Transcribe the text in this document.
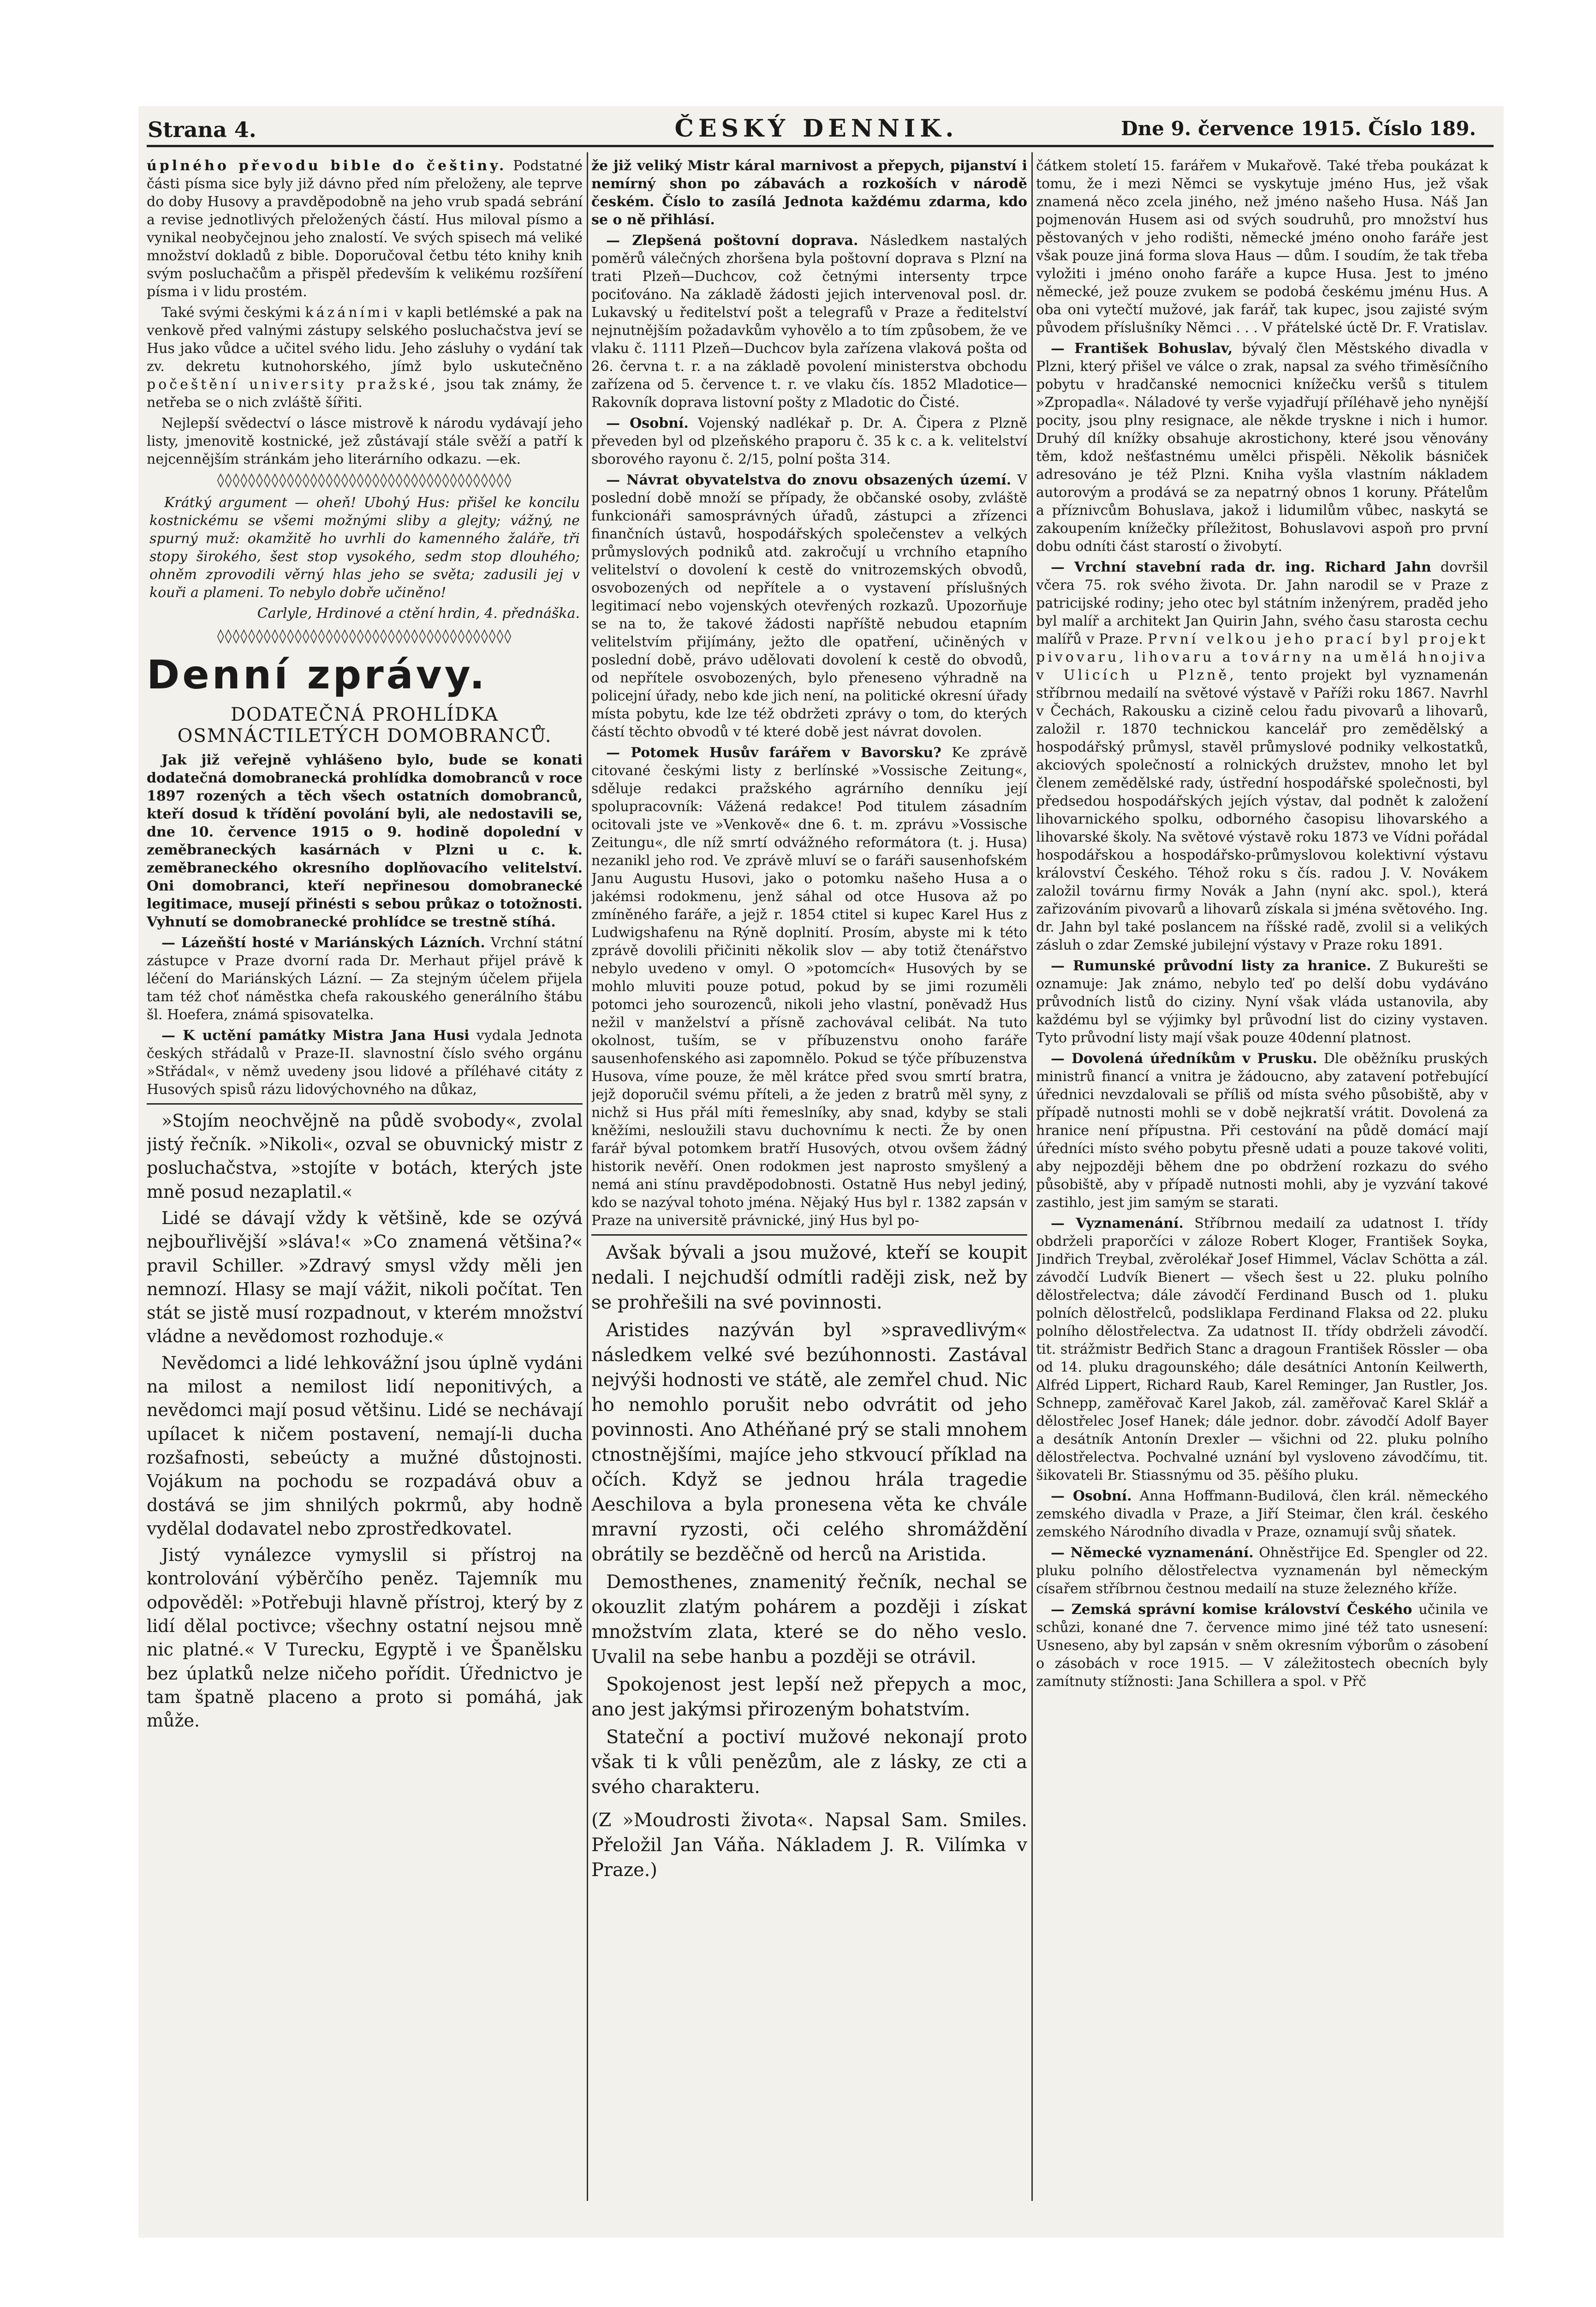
Strana 4.	ČESKÝ DENNIK.	Dne 9. července 1915. Číslo 189.

úplného převodu bible do češtiny. Podstatné části písma sice byly již dávno před ním přeloženy, ale teprve do doby Husovy a pravděpodobně na jeho vrub spadá sebrání a revise jednotlivých přeložených částí. Hus miloval písmo a vynikal neobyčejnou jeho znalostí. Ve svých spisech má veliké množství dokladů z bible. Doporučoval četbu této knihy knih svým posluchačům a přispěl především k velikému rozšíření písma i v lidu prostém.

Také svými českými kázáními v kapli betlémské a pak na venkově před valnými zástupy selského posluchačstva jeví se Hus jako vůdce a učitel svého lidu. Jeho zásluhy o vydání tak zv. dekretu kutnohorského, jímž bylo uskutečněno počeštění university pražské, jsou tak známy, že netřeba se o nich zvláště šířiti.

Nejlepší svědectví o lásce mistrově k národu vydávají jeho listy, jmenovitě kostnické, jež zůstávají stále svěží a patří k nejcennějším stránkám jeho literárního odkazu. —ek.

◊◊◊◊◊◊◊◊◊◊◊◊◊◊◊◊◊◊◊◊◊◊◊◊◊◊◊◊◊◊◊◊◊◊◊◊◊◊

Krátký argument — oheň! Ubohý Hus: přišel ke koncilu kostnickému se všemi možnými sliby a glejty; vážný, ne spurný muž: okamžitě ho uvrhli do kamenného žaláře, tři stopy širokého, šest stop vysokého, sedm stop dlouhého; ohněm zprovodili věrný hlas jeho se světa; zadusili jej v kouři a plameni. To nebylo dobře učiněno!

Carlyle, Hrdinové a ctění hrdin, 4. přednáška.
◊◊◊◊◊◊◊◊◊◊◊◊◊◊◊◊◊◊◊◊◊◊◊◊◊◊◊◊◊◊◊◊◊◊◊◊◊◊
Denní zprávy.
DODATEČNÁ PROHLÍDKA OSMNÁCTILETÝCH DOMOBRANCŮ.

Jak již veřejně vyhlášeno bylo, bude se konati dodatečná domobranecká prohlídka domobranců v roce 1897 rozených a těch všech ostatních domobranců, kteří dosud k třídění povolání byli, ale nedostavili se, dne 10. července 1915 o 9. hodině dopolední v zeměbraneckých kasárnách v Plzni u c. k. zeměbraneckého okresního doplňovacího velitelství. Oni domobranci, kteří nepřinesou domobranecké legitimace, musejí přinésti s sebou průkaz o totožnosti. Vyhnutí se domobranecké prohlídce se trestně stíhá.

— Lázeňští hosté v Mariánských Lázních. Vrchní státní zástupce v Praze dvorní rada Dr. Merhaut přijel právě k léčení do Mariánských Lázní. — Za stejným účelem přijela tam též choť náměstka chefa rakouského generálního štábu šl. Hoefera, známá spisovatelka.

— K uctění památky Mistra Jana Husi vydala Jednota českých střádalů v Praze-II. slavnostní číslo svého orgánu »Střádal«, v němž uvedeny jsou lidové a příléhavé citáty z Husových spisů rázu lidovýchovného na důkaz,

»Stojím neochvějně na půdě svobody«, zvolal jistý řečník. »Nikoli«, ozval se obuvnický mistr z posluchačstva, »stojíte v botách, kterých jste mně posud nezaplatil.«

Lidé se dávají vždy k většině, kde se ozývá nejbouřlivější »sláva!« »Co znamená většina?« pravil Schiller. »Zdravý smysl vždy měli jen nemnozí. Hlasy se mají vážit, nikoli počítat. Ten stát se jistě musí rozpadnout, v kterém množství vládne a nevědomost rozhoduje.«

Nevědomci a lidé lehkovážní jsou úplně vydáni na milost a nemilost lidí neponitivých, a nevědomci mají posud většinu. Lidé se nechávají upílacet k ničem postavení, nemají-li ducha rozšafnosti, sebeúcty a mužné důstojnosti. Vojákum na pochodu se rozpadává obuv a dostává se jim shnilých pokrmů, aby hodně vydělal dodavatel nebo zprostředkovatel.

Jistý vynálezce vymyslil si přístroj na kontrolování výběrčího peněz. Tajemník mu odpověděl: »Potřebuji hlavně přístroj, který by z lidí dělal poctivce; všechny ostatní nejsou mně nic platné.« V Turecku, Egyptě i ve Španělsku bez úplatků nelze ničeho pořídit. Úřednictvo je tam špatně placeno a proto si pomáhá, jak může.

že již veliký Mistr káral marnivost a přepych, pijanství i nemírný shon po zábavách a rozkoších v národě českém. Číslo to zasílá Jednota každému zdarma, kdo se o ně přihlásí.

— Zlepšená poštovní doprava. Následkem nastalých poměrů válečných zhoršena byla poštovní doprava s Plzní na trati Plzeň—Duchcov, což četnými intersenty trpce pociťováno. Na základě žádosti jejich intervenoval posl. dr. Lukavský u ředitelství pošt a telegrafů v Praze a ředitelství nejnutnějším požadavkům vyhovělo a to tím způsobem, že ve vlaku č. 1111 Plzeň—Duchcov byla zařízena vlaková pošta od 26. června t. r. a na základě povolení ministerstva obchodu zařízena od 5. července t. r. ve vlaku čís. 1852 Mladotice—Rakovník doprava listovní pošty z Mladotic do Čisté.

— Osobní. Vojenský nadlékař p. Dr. A. Čipera z Plzně převeden byl od plzeňského praporu č. 35 k c. a k. velitelství sborového rayonu č. 2/15, polní pošta 314.

— Návrat obyvatelstva do znovu obsazených území. V poslední době množí se případy, že občanské osoby, zvláště funkcionáři samosprávných úřadů, zástupci a zřízenci finančních ústavů, hospodářských společenstev a velkých průmyslových podniků atd. zakročují u vrchního etapního velitelství o dovolení k cestě do vnitrozemských obvodů, osvobozených od nepřítele a o vystavení příslušných legitimací nebo vojenských otevřených rozkazů. Upozorňuje se na to, že takové žádosti napříště nebudou etapním velitelstvím přijímány, ježto dle opatření, učiněných v poslední době, právo udělovati dovolení k cestě do obvodů, od nepřítele osvobozených, bylo přeneseno výhradně na policejní úřady, nebo kde jich není, na politické okresní úřady místa pobytu, kde lze též obdržeti zprávy o tom, do kterých částí těchto obvodů v té které době jest návrat dovolen.

— Potomek Husův farářem v Bavorsku? Ke zprávě citované českými listy z berlínské »Vossische Zeitung«, sděluje redakci pražského agrárního denníku její spolupracovník: Vážená redakce! Pod titulem zásadním ocitovali jste ve »Venkově« dne 6. t. m. zprávu »Vossische Zeitungu«, dle níž smrtí odvážného reformátora (t. j. Husa) nezanikl jeho rod. Ve zprávě mluví se o faráři sausenhofském Janu Augustu Husovi, jako o potomku našeho Husa a o jakémsi rodokmenu, jenž sáhal od otce Husova až po zmíněného faráře, a jejž r. 1854 ctitel si kupec Karel Hus z Ludwigshafenu na Rýně doplnití. Prosím, abyste mi k této zprávě dovolili přičiniti několik slov — aby totiž čtenářstvo nebylo uvedeno v omyl. O »potomcích« Husových by se mohlo mluviti pouze potud, pokud by se jimi rozuměli potomci jeho sourozenců, nikoli jeho vlastní, poněvadž Hus nežil v manželství a přísně zachovával celibát. Na tuto okolnost, tuším, se v příbuzenstvu onoho faráře sausenhofenského asi zapomnělo. Pokud se týče příbuzenstva Husova, víme pouze, že měl krátce před svou smrtí bratra, jejž doporučil svému příteli, a že jeden z bratrů měl syny, z nichž si Hus přál míti řemeslníky, aby snad, kdyby se stali kněžími, nesloužili stavu duchovnímu k necti. Že by onen farář býval potomkem bratří Husových, otvou ovšem žádný historik nevěří. Onen rodokmen jest naprosto smyšlený a nemá ani stínu pravděpodobnosti. Ostatně Hus nebyl jediný, kdo se nazýval tohoto jména. Nějaký Hus byl r. 1382 zapsán v Praze na universitě právnické, jiný Hus byl po-

Avšak bývali a jsou mužové, kteří se koupit nedali. I nejchudší odmítli raději zisk, než by se prohřešili na své povinnosti.

Aristides nazýván byl »spravedlivým« následkem velké své bezúhonnosti. Zastával nejvýši hodnosti ve státě, ale zemřel chud. Nic ho nemohlo porušit nebo odvrátit od jeho povinnosti. Ano Athéňané prý se stali mnohem ctnostnějšími, majíce jeho stkvoucí příklad na očích. Když se jednou hrála tragedie Aeschilova a byla pronesena věta ke chvále mravní ryzosti, oči celého shromáždění obrátily se bezděčně od herců na Aristida.

Demosthenes, znamenitý řečník, nechal se okouzlit zlatým pohárem a později i získat množstvím zlata, které se do něho veslo. Uvalil na sebe hanbu a později se otrávil.

Spokojenost jest lepší než přepych a moc, ano jest jakýmsi přirozeným bohatstvím.

Stateční a poctiví mužové nekonají proto však ti k vůli penězům, ale z lásky, ze cti a svého charakteru.

(Z »Moudrosti života«. Napsal Sam. Smiles. Přeložil Jan Váňa. Nákladem J. R. Vilímka v Praze.)

čátkem století 15. farářem v Mukařově. Také třeba poukázat k tomu, že i mezi Němci se vyskytuje jméno Hus, jež však znamená něco zcela jiného, než jméno našeho Husa. Náš Jan pojmenován Husem asi od svých soudruhů, pro množství hus pěstovaných v jeho rodišti, německé jméno onoho faráře jest však pouze jiná forma slova Haus — dům. I soudím, že tak třeba vyložiti i jméno onoho faráře a kupce Husa. Jest to jméno německé, jež pouze zvukem se podobá českému jménu Hus. A oba oni vytečtí mužové, jak farář, tak kupec, jsou zajisté svým původem příslušníky Němci . . . V přátelské úctě Dr. F. Vratislav.

— František Bohuslav, bývalý člen Městského divadla v Plzni, který přišel ve válce o zrak, napsal za svého třiměsíčního pobytu v hradčanské nemocnici knížečku veršů s titulem »Zpropadla«. Náladové ty verše vyjadřují příléhavě jeho nynější pocity, jsou plny resignace, ale někde tryskne i nich i humor. Druhý díl knížky obsahuje akrostichony, které jsou věnovány těm, kdož nešťastnému umělci přispěli. Několik básniček adresováno je též Plzni. Kniha vyšla vlastním nákladem autorovým a prodává se za nepatrný obnos 1 koruny. Přátelům a příznivcům Bohuslava, jakož i lidumilům vůbec, naskytá se zakoupením knížečky příležitost, Bohuslavovi aspoň pro první dobu odníti část starostí o živobytí.

— Vrchní stavební rada dr. ing. Richard Jahn dovršil včera 75. rok svého života. Dr. Jahn narodil se v Praze z patricijské rodiny; jeho otec byl státním inženýrem, praděd jeho byl malíř a architekt Jan Quirin Jahn, svého času starosta cechu malířů v Praze. První velkou jeho prací byl projekt pivovaru, lihovaru a továrny na umělá hnojiva v Ulicích u Plzně, tento projekt byl vyznamenán stříbrnou medailí na světové výstavě v Paříži roku 1867. Navrhl v Čechách, Rakousku a cizině celou řadu pivovarů a lihovarů, založil r. 1870 technickou kancelář pro zemědělský a hospodářský průmysl, stavěl průmyslové podniky velkostatků, akciových společností a rolnických družstev, mnoho let byl členem zemědělské rady, ústřední hospodářské společnosti, byl předsedou hospodářských jejích výstav, dal podnět k založení lihovarnického spolku, odborného časopisu lihovarského a lihovarské školy. Na světové výstavě roku 1873 ve Vídni pořádal hospodářskou a hospodářsko-průmyslovou kolektivní výstavu království Českého. Téhož roku s čís. radou J. V. Novákem založil továrnu firmy Novák a Jahn (nyní akc. spol.), která zařizováním pivovarů a lihovarů získala si jména světového. Ing. dr. Jahn byl také poslancem na říšské radě, zvolil si a velikých zásluh o zdar Zemské jubilejní výstavy v Praze roku 1891.

— Rumunské průvodní listy za hranice. Z Bukurešti se oznamuje: Jak známo, nebylo teď po delší dobu vydáváno průvodních listů do ciziny. Nyní však vláda ustanovila, aby každému byl se výjimky byl průvodní list do ciziny vystaven. Tyto průvodní listy mají však pouze 40denní platnost.

— Dovolená úředníkům v Prusku. Dle oběžníku pruských ministrů financí a vnitra je žádoucno, aby zatavení potřebující úřednici nevzdalovali se příliš od místa svého působiště, aby v případě nutnosti mohli se v době nejkratší vrátit. Dovolená za hranice není přípustna. Při cestování na půdě domácí mají úředníci místo svého pobytu přesně udati a pouze takové voliti, aby nejpozději během dne po obdržení rozkazu do svého působiště, aby v případě nutnosti mohli, aby je vyzvání takové zastihlo, jest jim samým se starati.

— Vyznamenání. Stříbrnou medailí za udatnost I. třídy obdrželi praporčíci v záloze Robert Kloger, František Soyka, Jindřich Treybal, zvěrolékař Josef Himmel, Václav Schötta a zál. závodčí Ludvík Bienert — všech šest u 22. pluku polního dělostřelectva; dále závodčí Ferdinand Busch od 1. pluku polních dělostřelců, podsliklapa Ferdinand Flaksa od 22. pluku polního dělostřelectva. Za udatnost II. třídy obdrželi závodčí. tit. strážmistr Bedřich Stanc a dragoun František Rössler — oba od 14. pluku dragounského; dále desátníci Antonín Keilwerth, Alfréd Lippert, Richard Raub, Karel Reminger, Jan Rustler, Jos. Schnepp, zaměřovač Karel Jakob, zál. zaměřovač Karel Sklář a dělostřelec Josef Hanek; dále jednor. dobr. závodčí Adolf Bayer a desátník Antonín Drexler — všichni od 22. pluku polního dělostřelectva. Pochvalné uznání byl vysloveno závodčímu, tit. šikovateli Br. Stiassnýmu od 35. pěšího pluku.

— Osobní. Anna Hoffmann-Budilová, člen král. německého zemského divadla v Praze, a Jiří Steimar, člen král. českého zemského Národního divadla v Praze, oznamují svůj sňatek.

— Německé vyznamenání. Ohněstřijce Ed. Spengler od 22. pluku polního dělostřelectva vyznamenán byl německým císařem stříbrnou čestnou medailí na stuze železného kříže.

— Zemská správní komise království Českého učinila ve schůzi, konané dne 7. července mimo jiné též tato usnesení: Usneseno, aby byl zapsán v sněm okresním výborům o zásobení o zásobách v roce 1915. — V záležitostech obecních byly zamítnuty stížnosti: Jana Schillera a spol. v Přč
